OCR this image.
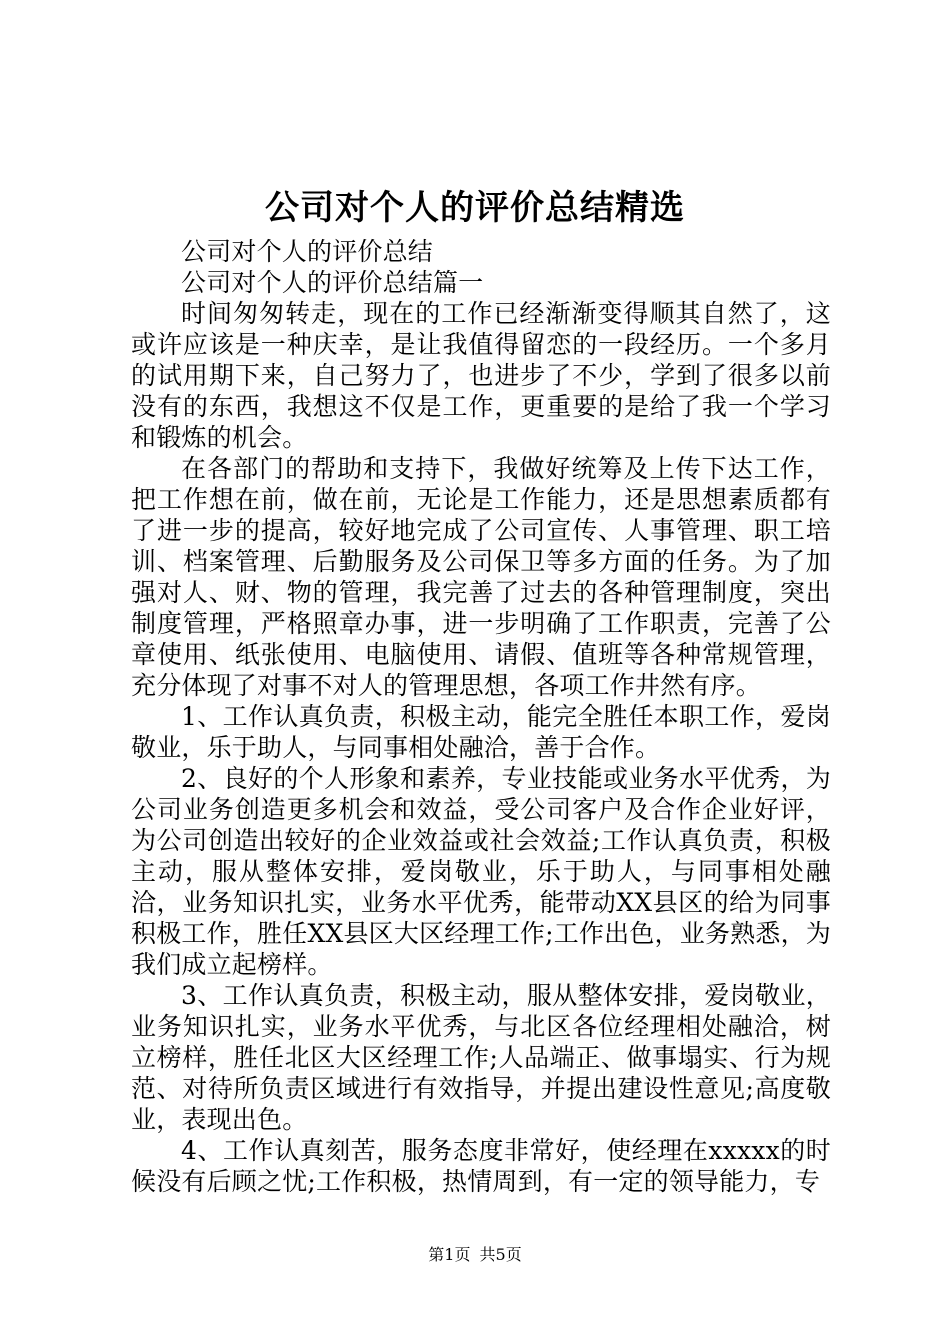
公司对个人的评价总结精选

公司对个人的评价总结

公司对个人的评价总结篇一

时间匆匆转走，现在的工作已经渐渐变得顺其自然了，这或许应该是一种庆幸，是让我值得留恋的一段经历。一个多月的试用期下来，自己努力了，也进步了不少，学到了很多以前没有的东西，我想这不仅是工作，更重要的是给了我一个学习和锻炼的机会。

在各部门的帮助和支持下，我做好统筹及上传下达工作，把工作想在前，做在前，无论是工作能力，还是思想素质都有了进一步的提高，较好地完成了公司宣传、人事管理、职工培训、档案管理、后勤服务及公司保卫等多方面的任务。为了加强对人、财、物的管理，我完善了过去的各种管理制度，突出制度管理，严格照章办事，进一步明确了工作职责，完善了公章使用、纸张使用、电脑使用、请假、值班等各种常规管理，充分体现了对事不对人的管理思想，各项工作井然有序。

1、工作认真负责，积极主动，能完全胜任本职工作，爱岗敬业，乐于助人，与同事相处融洽，善于合作。

2、良好的个人形象和素养，专业技能或业务水平优秀，为公司业务创造更多机会和效益，受公司客户及合作企业好评，为公司创造出较好的企业效益或社会效益;工作认真负责，积极主动，服从整体安排，爱岗敬业，乐于助人，与同事相处融洽，业务知识扎实，业务水平优秀，能带动XX县区的给为同事积极工作，胜任XX县区大区经理工作;工作出色，业务熟悉，为我们成立起榜样。

3、工作认真负责，积极主动，服从整体安排，爱岗敬业，业务知识扎实，业务水平优秀，与北区各位经理相处融洽，树立榜样，胜任北区大区经理工作;人品端正、做事塌实、行为规范、对待所负责区域进行有效指导，并提出建设性意见;高度敬业，表现出色。

4、工作认真刻苦，服务态度非常好，使经理在xxxxx的时候没有后顾之忧;工作积极，热情周到，有一定的领导能力，专

第1页 共5页
